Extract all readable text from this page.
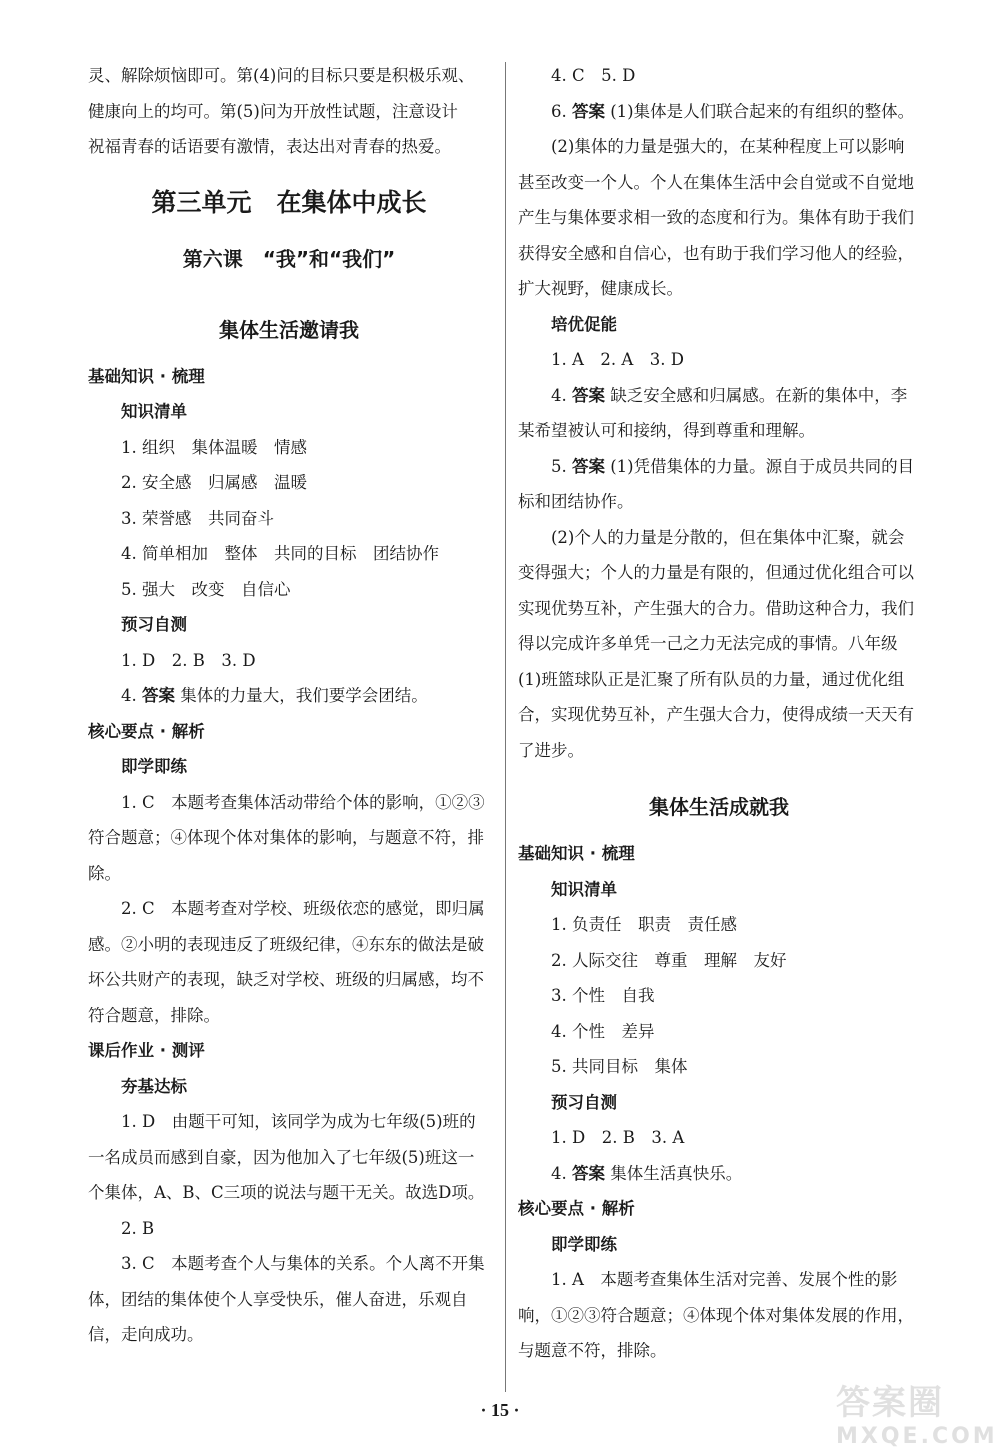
灵、解除烦恼即可。第(4)问的目标只要是积极乐观、

健康向上的均可。第(5)问为开放性试题，注意设计

祝福青春的话语要有激情，表达出对青春的热爱。

第三单元　在集体中成长
第六课　“我”和“我们”
集体生活邀请我

基础知识 · 梳理

知识清单

1. 组织　集体温暖　情感

2. 安全感　归属感　温暖

3. 荣誉感　共同奋斗

4. 简单相加　整体　共同的目标　团结协作

5. 强大　改变　自信心

预习自测

1. D　2. B　3. D

4. 答案 集体的力量大，我们要学会团结。

核心要点 · 解析

即学即练

1. C　本题考查集体活动带给个体的影响，①②③符合题意；④体现个体对集体的影响，与题意不符，排除。

2. C　本题考查对学校、班级依恋的感觉，即归属感。②小明的表现违反了班级纪律，④东东的做法是破坏公共财产的表现，缺乏对学校、班级的归属感，均不符合题意，排除。

课后作业 · 测评

夯基达标

1. D　由题干可知，该同学为成为七年级(5)班的一名成员而感到自豪，因为他加入了七年级(5)班这一个集体，A、B、C三项的说法与题干无关。故选D项。

2. B

3. C　本题考查个人与集体的关系。个人离不开集体，团结的集体使个人享受快乐，催人奋进，乐观自信，走向成功。

4. C　5. D

6. 答案 (1)集体是人们联合起来的有组织的整体。

(2)集体的力量是强大的，在某种程度上可以影响甚至改变一个人。个人在集体生活中会自觉或不自觉地产生与集体要求相一致的态度和行为。集体有助于我们获得安全感和自信心，也有助于我们学习他人的经验，扩大视野，健康成长。

培优促能

1. A　2. A　3. D

4. 答案 缺乏安全感和归属感。在新的集体中，李某希望被认可和接纳，得到尊重和理解。

5. 答案 (1)凭借集体的力量。源自于成员共同的目标和团结协作。

(2)个人的力量是分散的，但在集体中汇聚，就会变得强大；个人的力量是有限的，但通过优化组合可以实现优势互补，产生强大的合力。借助这种合力，我们得以完成许多单凭一己之力无法完成的事情。八年级(1)班篮球队正是汇聚了所有队员的力量，通过优化组合，实现优势互补，产生强大合力，使得成绩一天天有了进步。

集体生活成就我

基础知识 · 梳理

知识清单

1. 负责任　职责　责任感

2. 人际交往　尊重　理解　友好

3. 个性　自我

4. 个性　差异

5. 共同目标　集体

预习自测

1. D　2. B　3. A

4. 答案 集体生活真快乐。

核心要点 · 解析

即学即练

1. A　本题考查集体生活对完善、发展个性的影响，①②③符合题意；④体现个体对集体发展的作用，与题意不符，排除。

· 15 ·	答案圈
MXQE.COM
